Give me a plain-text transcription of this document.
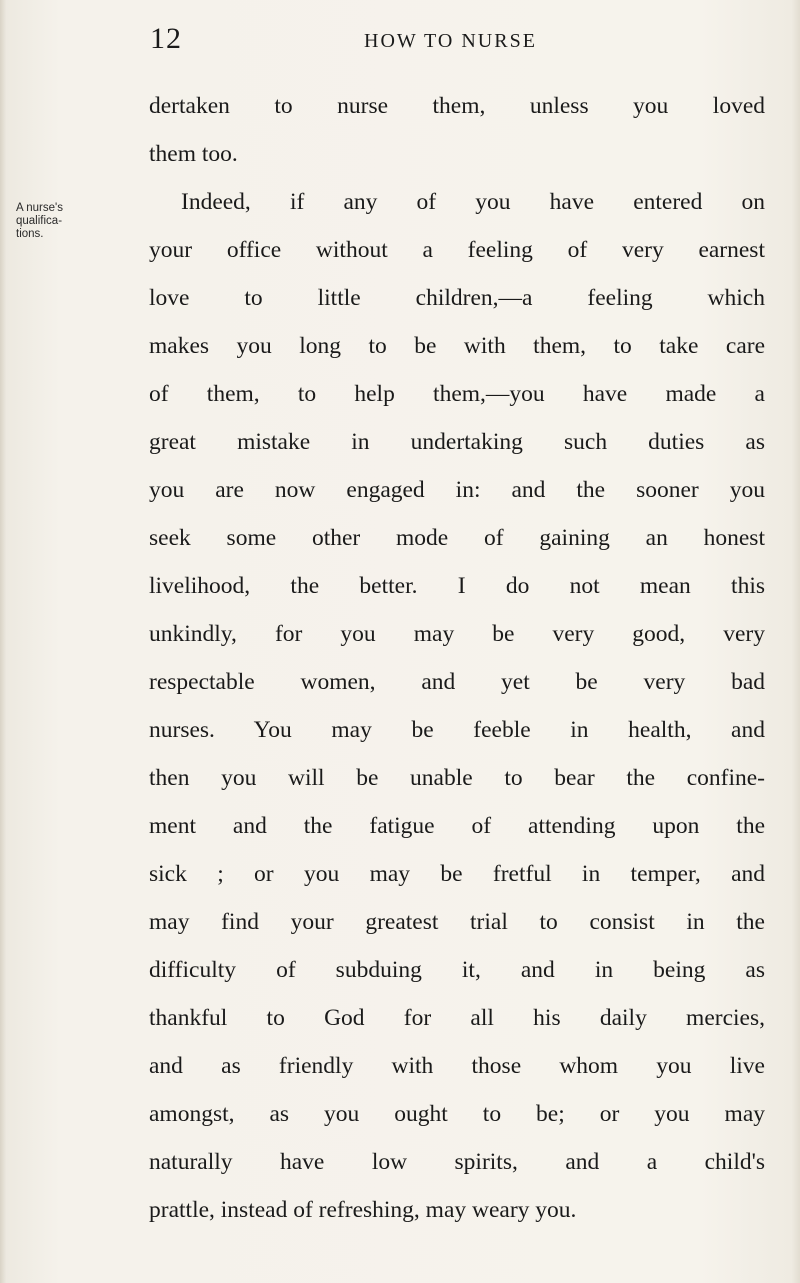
12	HOW TO NURSE
A nurse's
qualifica-
tions.
dertaken to nurse them, unless you loved
them too.
Indeed, if any of you have entered on
your office without a feeling of very earnest
love to little children,—a feeling which
makes you long to be with them, to take care
of them, to help them,—you have made a
great mistake in undertaking such duties as
you are now engaged in: and the sooner you
seek some other mode of gaining an honest
livelihood, the better. I do not mean this
unkindly, for you may be very good, very
respectable women, and yet be very bad
nurses. You may be feeble in health, and
then you will be unable to bear the confine-
ment and the fatigue of attending upon the
sick ; or you may be fretful in temper, and
may find your greatest trial to consist in the
difficulty of subduing it, and in being as
thankful to God for all his daily mercies,
and as friendly with those whom you live
amongst, as you ought to be; or you may
naturally have low spirits, and a child's
prattle, instead of refreshing, may weary you.
